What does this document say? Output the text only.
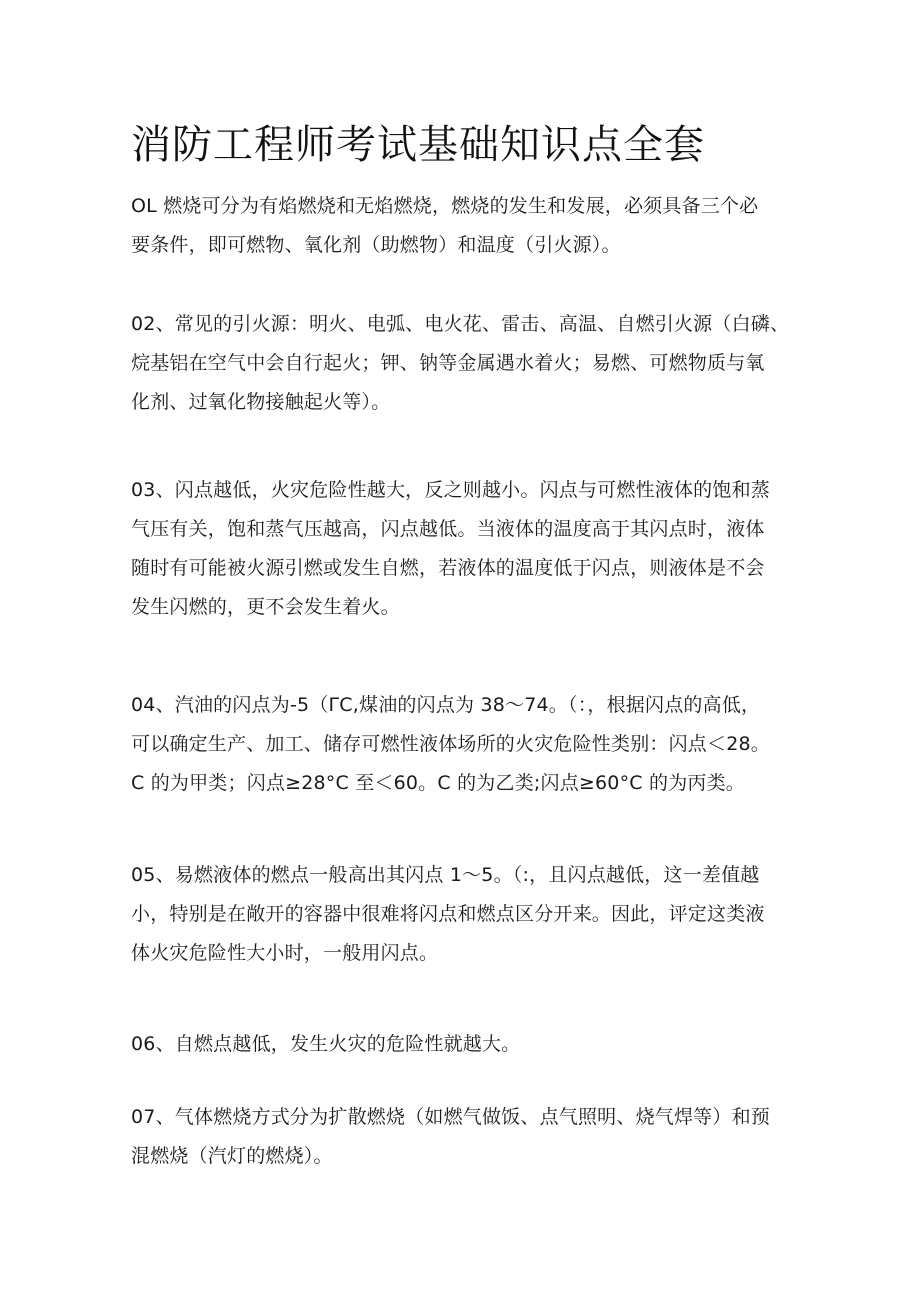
消防工程师考试基础知识点全套

OL 燃烧可分为有焰燃烧和无焰燃烧，燃烧的发生和发展，必须具备三个必
要条件，即可燃物、氧化剂（助燃物）和温度（引火源）。

02、常见的引火源：明火、电弧、电火花、雷击、高温、自燃引火源（白磷、
烷基铝在空气中会自行起火；钾、钠等金属遇水着火；易燃、可燃物质与氧
化剂、过氧化物接触起火等）。

03、闪点越低，火灾危险性越大，反之则越小。闪点与可燃性液体的饱和蒸
气压有关，饱和蒸气压越高，闪点越低。当液体的温度高于其闪点时，液体
随时有可能被火源引燃或发生自燃，若液体的温度低于闪点，则液体是不会
发生闪燃的，更不会发生着火。

04、汽油的闪点为-5（ΓC,煤油的闪点为 38～74。（：，根据闪点的高低，
可以确定生产、加工、储存可燃性液体场所的火灾危险性类别：闪点＜28。
C 的为甲类；闪点≥28°C 至＜60。C 的为乙类;闪点≥60°C 的为丙类。

05、易燃液体的燃点一般高出其闪点 1～5。（:，且闪点越低，这一差值越
小，特别是在敞开的容器中很难将闪点和燃点区分开来。因此，评定这类液
体火灾危险性大小时，一般用闪点。

06、自燃点越低，发生火灾的危险性就越大。

07、气体燃烧方式分为扩散燃烧（如燃气做饭、点气照明、烧气焊等）和预
混燃烧（汽灯的燃烧）。
